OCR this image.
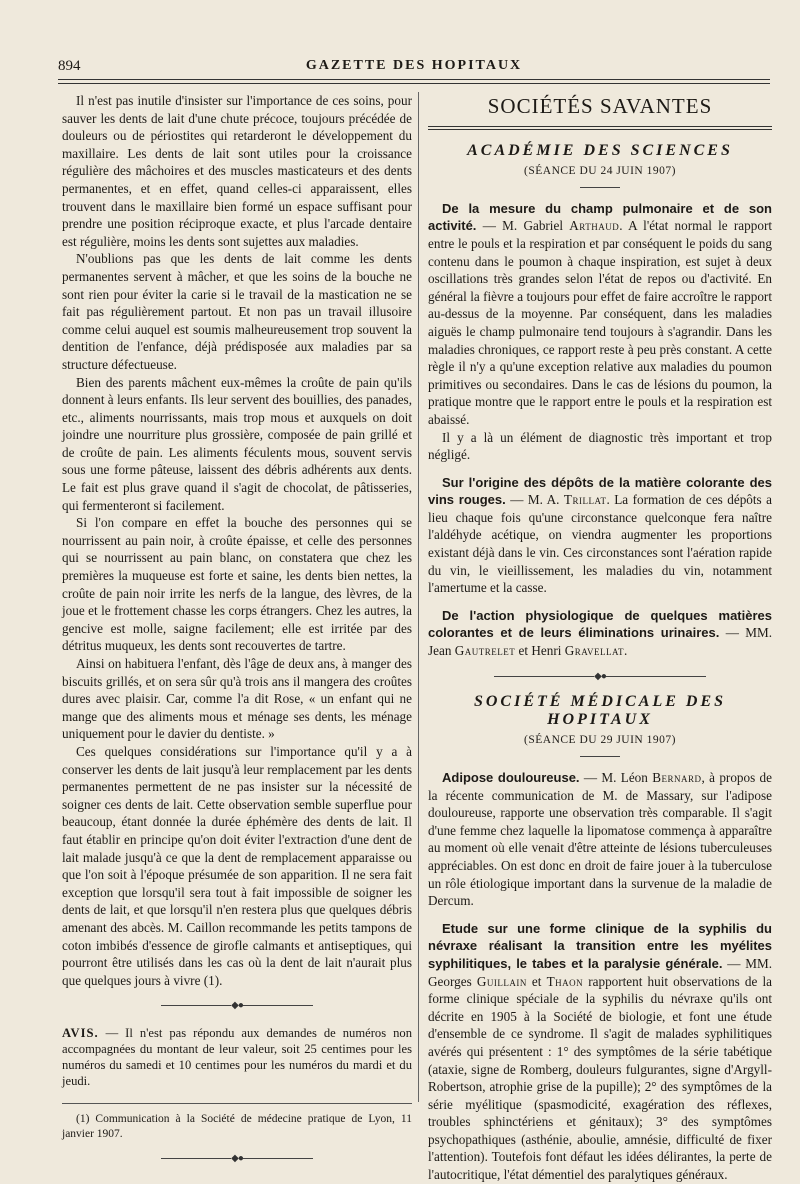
894	GAZETTE DES HOPITAUX

Il n'est pas inutile d'insister sur l'importance de ces soins, pour sauver les dents de lait d'une chute précoce, toujours précédée de douleurs ou de périostites qui retarderont le développement du maxillaire. Les dents de lait sont utiles pour la croissance régulière des mâchoires et des muscles masticateurs et des dents permanentes, et en effet, quand celles-ci apparaissent, elles trouvent dans le maxillaire bien formé un espace suffisant pour prendre une position réciproque exacte, et plus l'arcade dentaire est régulière, moins les dents sont sujettes aux maladies.

N'oublions pas que les dents de lait comme les dents permanentes servent à mâcher, et que les soins de la bouche ne sont rien pour éviter la carie si le travail de la mastication ne se fait pas régulièrement partout. Et non pas un travail illusoire comme celui auquel est soumis malheureusement trop souvent la dentition de l'enfance, déjà prédisposée aux maladies par sa structure défectueuse.

Bien des parents mâchent eux-mêmes la croûte de pain qu'ils donnent à leurs enfants. Ils leur servent des bouillies, des panades, etc., aliments nourrissants, mais trop mous et auxquels on doit joindre une nourriture plus grossière, composée de pain grillé et de croûte de pain. Les aliments féculents mous, souvent servis sous une forme pâteuse, laissent des débris adhérents aux dents. Le fait est plus grave quand il s'agit de chocolat, de pâtisseries, qui fermenteront si facilement.

Si l'on compare en effet la bouche des personnes qui se nourrissent au pain noir, à croûte épaisse, et celle des personnes qui se nourrissent au pain blanc, on constatera que chez les premières la muqueuse est forte et saine, les dents bien nettes, la croûte de pain noir irrite les nerfs de la langue, des lèvres, de la joue et le frottement chasse les corps étrangers. Chez les autres, la gencive est molle, saigne facilement; elle est irritée par des détritus muqueux, les dents sont recouvertes de tartre.

Ainsi on habituera l'enfant, dès l'âge de deux ans, à manger des biscuits grillés, et on sera sûr qu'à trois ans il mangera des croûtes dures avec plaisir. Car, comme l'a dit Rose, « un enfant qui ne mange que des aliments mous et ménage ses dents, les ménage uniquement pour le davier du dentiste. »

Ces quelques considérations sur l'importance qu'il y a à conserver les dents de lait jusqu'à leur remplacement par les dents permanentes permettent de ne pas insister sur la nécessité de soigner ces dents de lait. Cette observation semble superflue pour beaucoup, étant donnée la durée éphémère des dents de lait. Il faut établir en principe qu'on doit éviter l'extraction d'une dent de lait malade jusqu'à ce que la dent de remplacement apparaisse ou que l'on soit à l'époque présumée de son apparition. Il ne sera fait exception que lorsqu'il sera tout à fait impossible de soigner les dents de lait, et que lorsqu'il n'en restera plus que quelques débris amenant des abcès. M. Caillon recommande les petits tampons de coton imbibés d'essence de girofle calmants et antiseptiques, qui pourront être utilisés dans les cas où la dent de lait n'aurait plus que quelques jours à vivre (1).

◆●

AVIS. — Il n'est pas répondu aux demandes de numéros non accompagnées du montant de leur valeur, soit 25 centimes pour les numéros du samedi et 10 centimes pour les numéros du mardi et du jeudi.

(1) Communication à la Société de médecine pratique de Lyon, 11 janvier 1907.

◆●
SOCIÉTÉS SAVANTES
ACADÉMIE DES SCIENCES
(SÉANCE DU 24 JUIN 1907)

De la mesure du champ pulmonaire et de son activité. — M. Gabriel Arthaud. A l'état normal le rapport entre le pouls et la respiration et par conséquent le poids du sang contenu dans le poumon à chaque inspiration, est sujet à deux oscillations très grandes selon l'état de repos ou d'activité. En général la fièvre a toujours pour effet de faire accroître le rapport au-dessus de la moyenne. Par conséquent, dans les maladies aiguës le champ pulmonaire tend toujours à s'agrandir. Dans les maladies chroniques, ce rapport reste à peu près constant. A cette règle il n'y a qu'une exception relative aux maladies du poumon primitives ou secondaires. Dans le cas de lésions du poumon, la pratique montre que le rapport entre le pouls et la respiration est abaissé.

Il y a là un élément de diagnostic très important et trop négligé.

Sur l'origine des dépôts de la matière colorante des vins rouges. — M. A. Trillat. La formation de ces dépôts a lieu chaque fois qu'une circonstance quelconque fera naître l'aldéhyde acétique, on viendra augmenter les proportions existant déjà dans le vin. Ces circonstances sont l'aération rapide du vin, le vieillissement, les maladies du vin, notamment l'amertume et la casse.

De l'action physiologique de quelques matières colorantes et de leurs éliminations urinaires. — MM. Jean Gautrelet et Henri Gravellat.

◆●
SOCIÉTÉ MÉDICALE DES HOPITAUX
(SÉANCE DU 29 JUIN 1907)

Adipose douloureuse. — M. Léon Bernard, à propos de la récente communication de M. de Massary, sur l'adipose douloureuse, rapporte une observation très comparable. Il s'agit d'une femme chez laquelle la lipomatose commença à apparaître au moment où elle venait d'être atteinte de lésions tuberculeuses appréciables. On est donc en droit de faire jouer à la tuberculose un rôle étiologique important dans la survenue de la maladie de Dercum.

Etude sur une forme clinique de la syphilis du névraxe réalisant la transition entre les myélites syphilitiques, le tabes et la paralysie générale. — MM. Georges Guillain et Thaon rapportent huit observations de la forme clinique spéciale de la syphilis du névraxe qu'ils ont décrite en 1905 à la Société de biologie, et font une étude d'ensemble de ce syndrome. Il s'agit de malades syphilitiques avérés qui présentent : 1° des symptômes de la série tabétique (ataxie, signe de Romberg, douleurs fulgurantes, signe d'Argyll-Robertson, atrophie grise de la pupille); 2° des symptômes de la série myélitique (spasmodicité, exagération des réflexes, troubles sphinctériens et génitaux); 3° des symptômes psychopathiques (asthénie, aboulie, amnésie, difficulté de fixer l'attention). Toutefois font défaut les idées délirantes, la perte de l'autocritique, l'état démentiel des paralytiques généraux.
